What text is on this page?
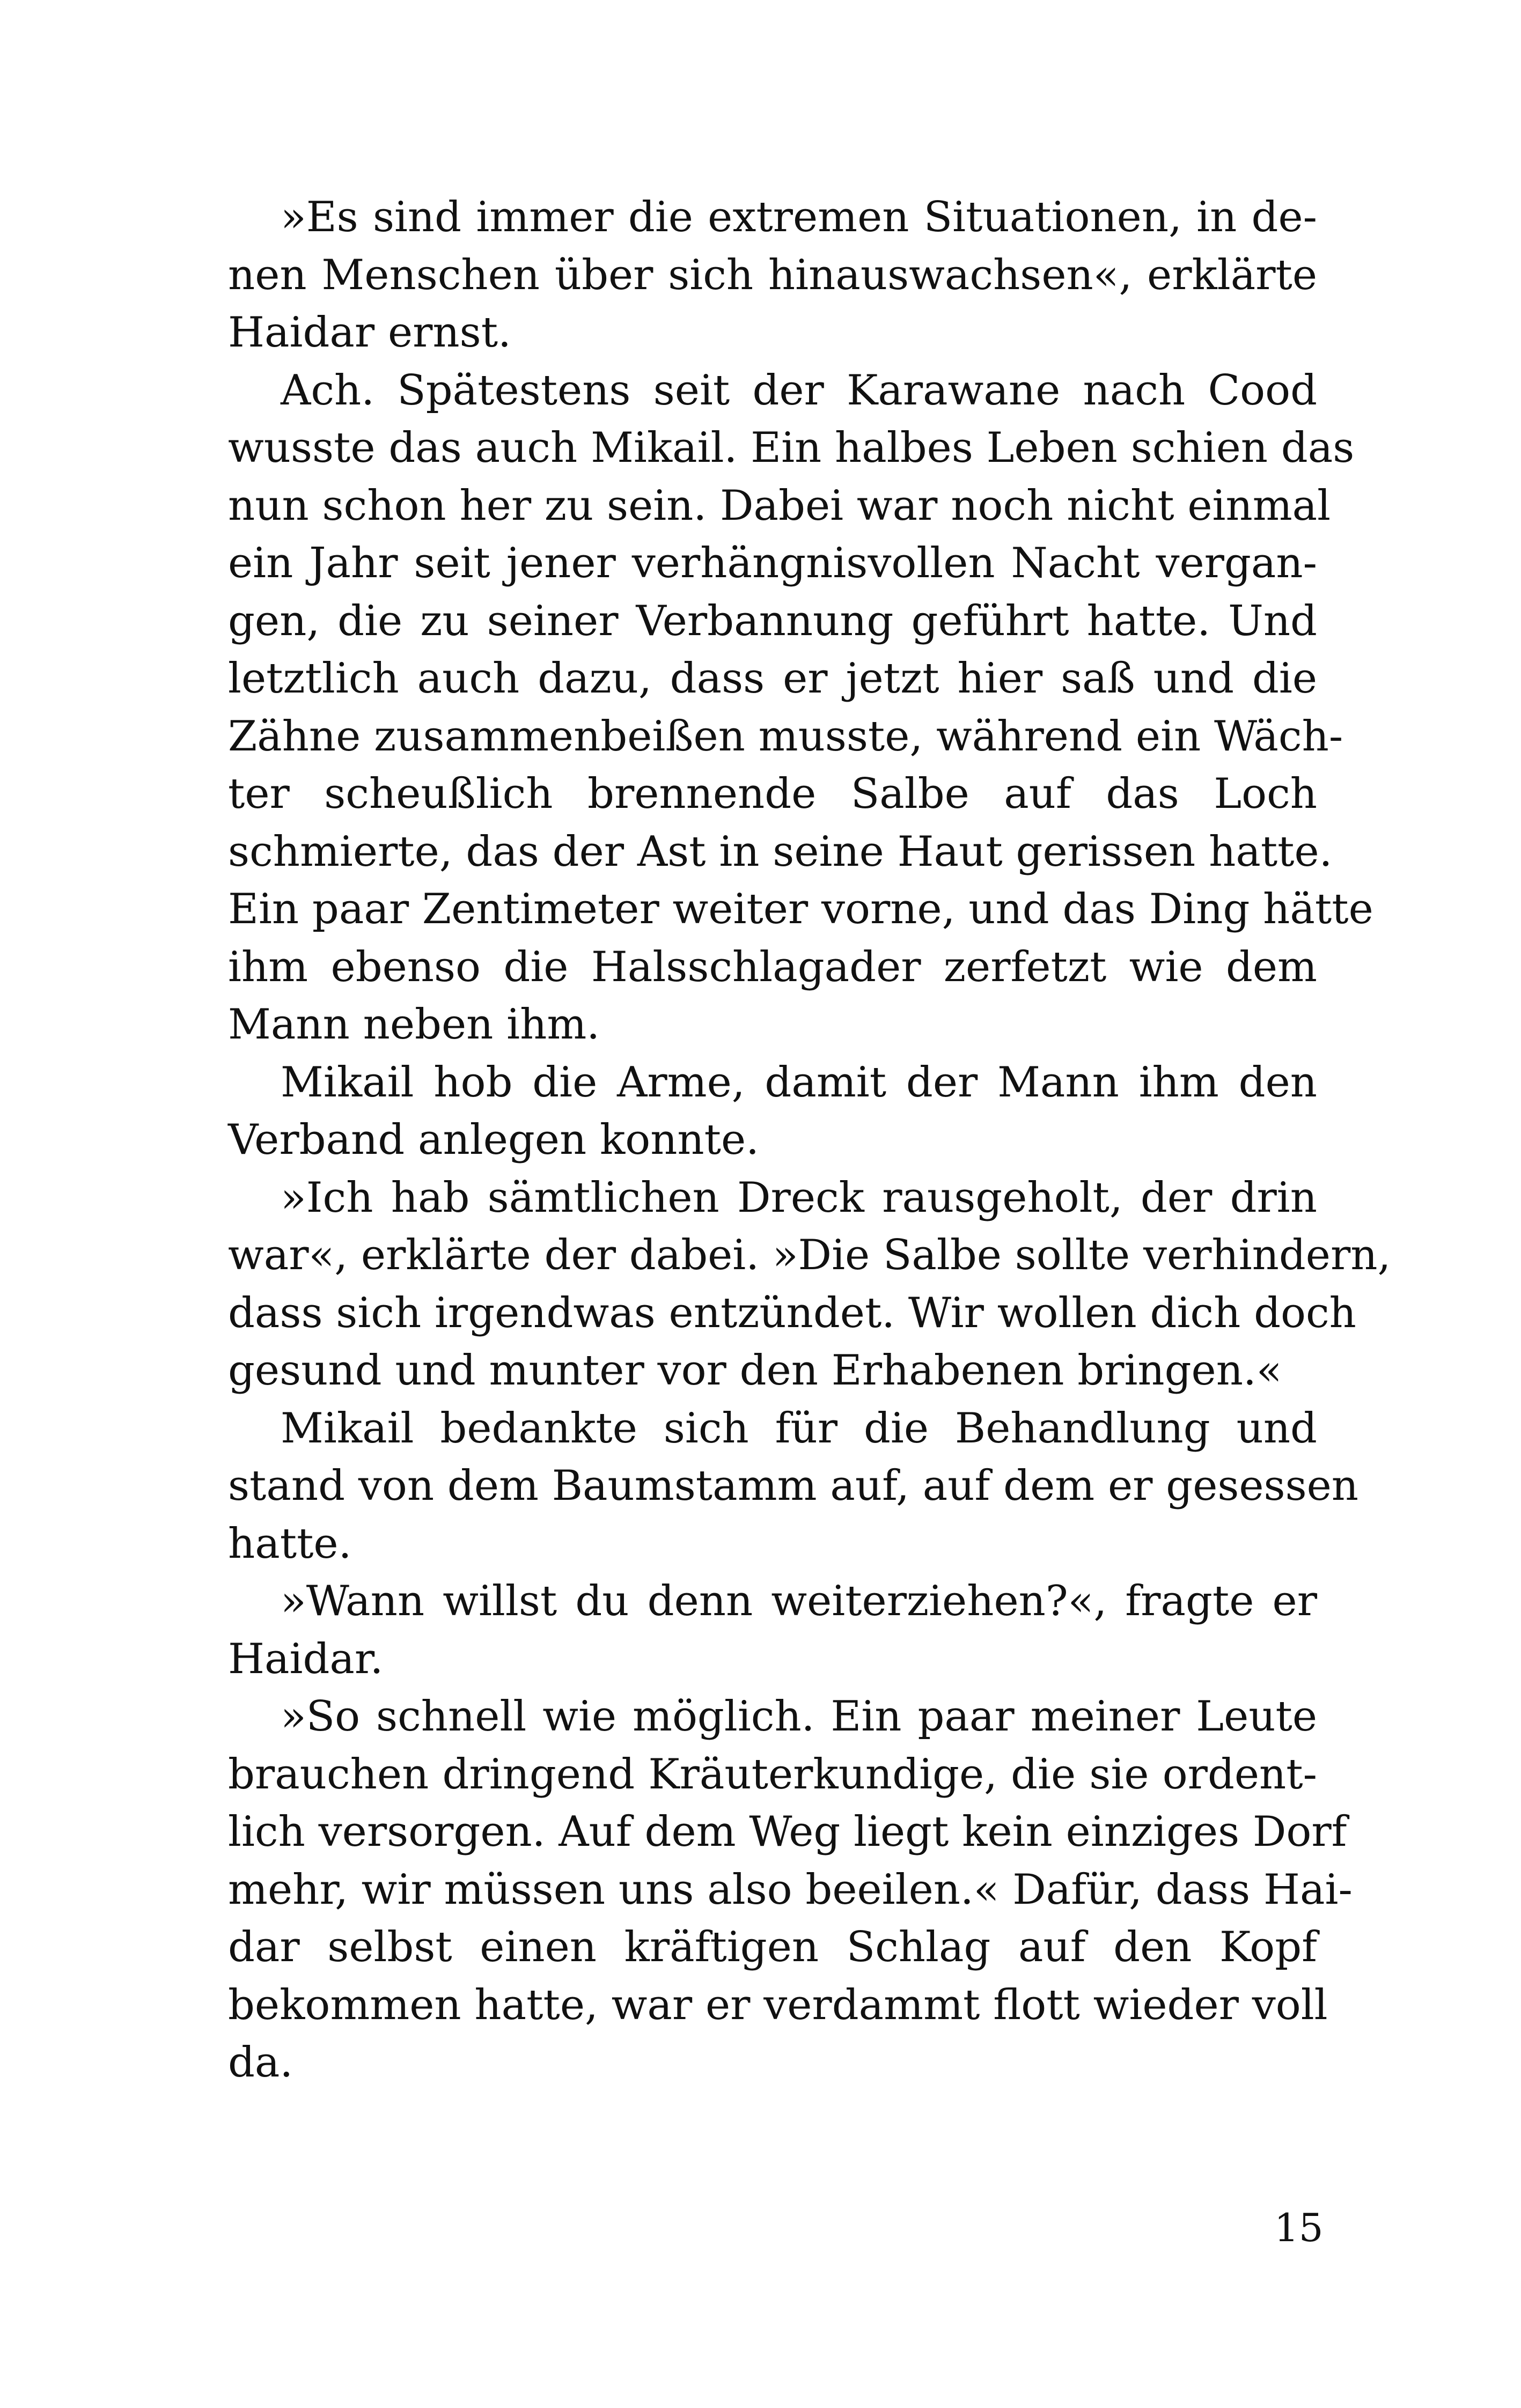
»Es sind immer die extremen Situationen, in de-
nen Menschen über sich hinauswachsen«, erklärte
Haidar ernst.
Ach. Spätestens seit der Karawane nach Cood
wusste das auch Mikail. Ein halbes Leben schien das
nun schon her zu sein. Dabei war noch nicht einmal
ein Jahr seit jener verhängnisvollen Nacht vergan-
gen, die zu seiner Verbannung geführt hatte. Und
letztlich auch dazu, dass er jetzt hier saß und die
Zähne zusammenbeißen musste, während ein Wäch-
ter scheußlich brennende Salbe auf das Loch
schmierte, das der Ast in seine Haut gerissen hatte.
Ein paar Zentimeter weiter vorne, und das Ding hätte
ihm ebenso die Halsschlagader zerfetzt wie dem
Mann neben ihm.
Mikail hob die Arme, damit der Mann ihm den
Verband anlegen konnte.
»Ich hab sämtlichen Dreck rausgeholt, der drin
war«, erklärte der dabei. »Die Salbe sollte verhindern,
dass sich irgendwas entzündet. Wir wollen dich doch
gesund und munter vor den Erhabenen bringen.«
Mikail bedankte sich für die Behandlung und
stand von dem Baumstamm auf, auf dem er gesessen
hatte.
»Wann willst du denn weiterziehen?«, fragte er
Haidar.
»So schnell wie möglich. Ein paar meiner Leute
brauchen dringend Kräuterkundige, die sie ordent-
lich versorgen. Auf dem Weg liegt kein einziges Dorf
mehr, wir müssen uns also beeilen.« Dafür, dass Hai-
dar selbst einen kräftigen Schlag auf den Kopf
bekommen hatte, war er verdammt flott wieder voll
da.
15
